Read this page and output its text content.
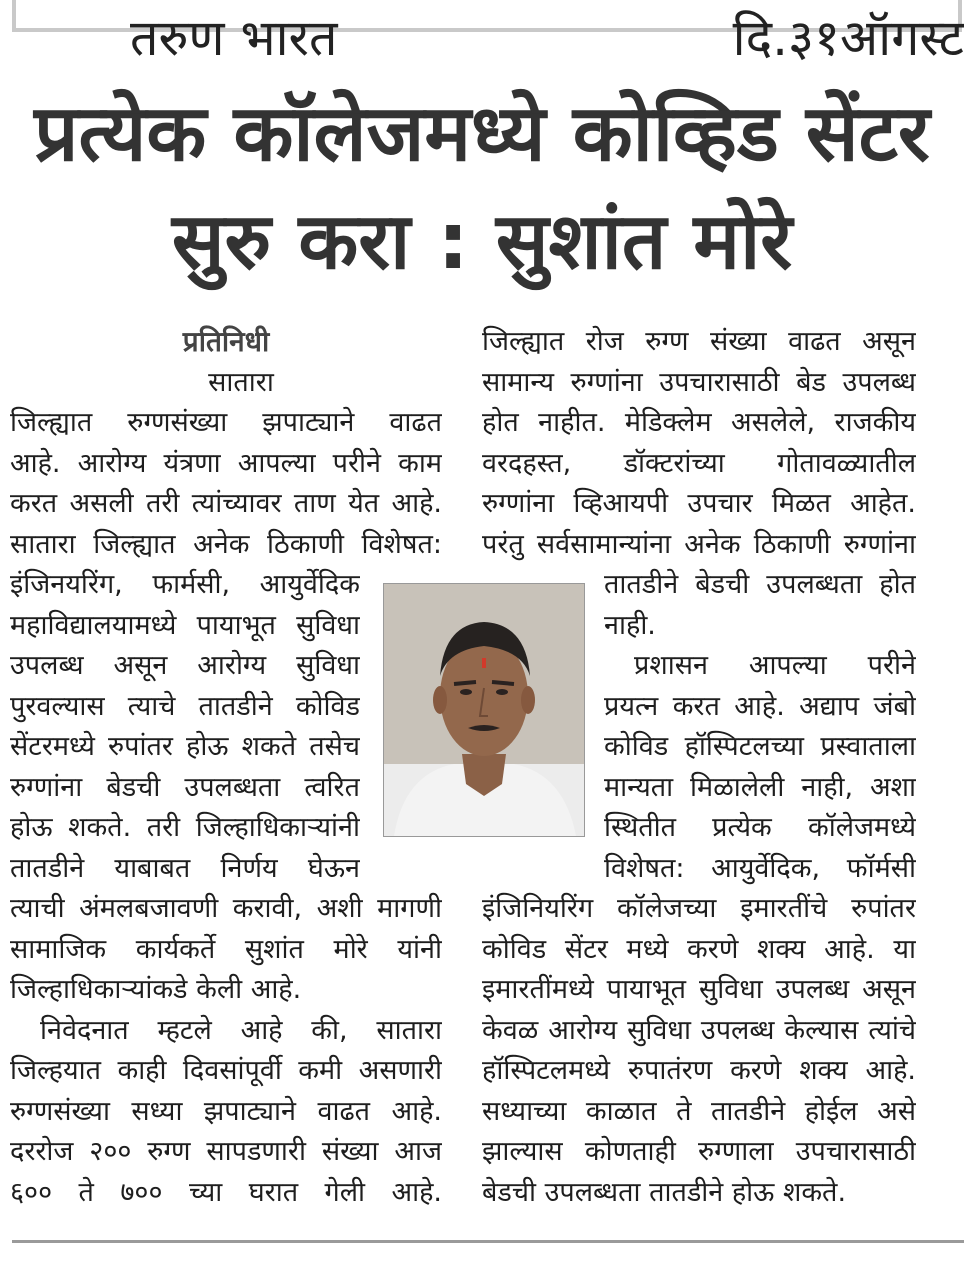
तरुण भारत	दि.३१ऑगस्ट
प्रत्येक कॉलेजमध्ये कोव्हिड सेंटर
सुरु करा : सुशांत मोरे
प्रतिनिधी
सातारा
जिल्ह्यात रुग्णसंख्या झपाट्याने वाढत
आहे. आरोग्य यंत्रणा आपल्या परीने काम
करत असली तरी त्यांच्यावर ताण येत आहे.
सातारा जिल्ह्यात अनेक ठिकाणी विशेषत:
इंजिनयरिंग, फार्मसी, आयुर्वेदिक
महाविद्यालयामध्ये पायाभूत सुविधा
उपलब्ध असून आरोग्य सुविधा
पुरवल्यास त्याचे तातडीने कोविड
सेंटरमध्ये रुपांतर होऊ शकते तसेच
रुग्णांना बेडची उपलब्धता त्वरित
होऊ शकते. तरी जिल्हाधिकाऱ्यांनी
तातडीने याबाबत निर्णय घेऊन
त्याची अंमलबजावणी करावी, अशी मागणी
सामाजिक कार्यकर्ते सुशांत मोरे यांनी
जिल्हाधिकाऱ्यांकडे केली आहे.
निवेदनात म्हटले आहे की, सातारा
जिल्हयात काही दिवसांपूर्वी कमी असणारी
रुग्णसंख्या सध्या झपाट्याने वाढत आहे.
दररोज २०० रुग्ण सापडणारी संख्या आज
६०० ते ७०० च्या घरात गेली आहे.
जिल्ह्यात रोज रुग्ण संख्या वाढत असून
सामान्य रुग्णांना उपचारासाठी बेड उपलब्ध
होत नाहीत. मेडिक्लेम असलेले, राजकीय
वरदहस्त, डॉक्टरांच्या गोतावळ्यातील
रुग्णांना व्हिआयपी उपचार मिळत आहेत.
परंतु सर्वसामान्यांना अनेक ठिकाणी रुग्णांना
तातडीने बेडची उपलब्धता होत
नाही.
प्रशासन आपल्या परीने
प्रयत्न करत आहे. अद्याप जंबो
कोविड हॉस्पिटलच्या प्रस्वाताला
मान्यता मिळालेली नाही, अशा
स्थितीत प्रत्येक कॉलेजमध्ये
विशेषत: आयुर्वेदिक, फॉर्मसी
इंजिनियरिंग कॉलेजच्या इमारतींचे रुपांतर
कोविड सेंटर मध्ये करणे शक्य आहे. या
इमारतींमध्ये पायाभूत सुविधा उपलब्ध असून
केवळ आरोग्य सुविधा उपलब्ध केल्यास त्यांचे
हॉस्पिटलमध्ये रुपातंरण करणे शक्य आहे.
सध्याच्या काळात ते तातडीने होईल असे
झाल्यास कोणताही रुग्णाला उपचारासाठी
बेडची उपलब्धता तातडीने होऊ शकते.
